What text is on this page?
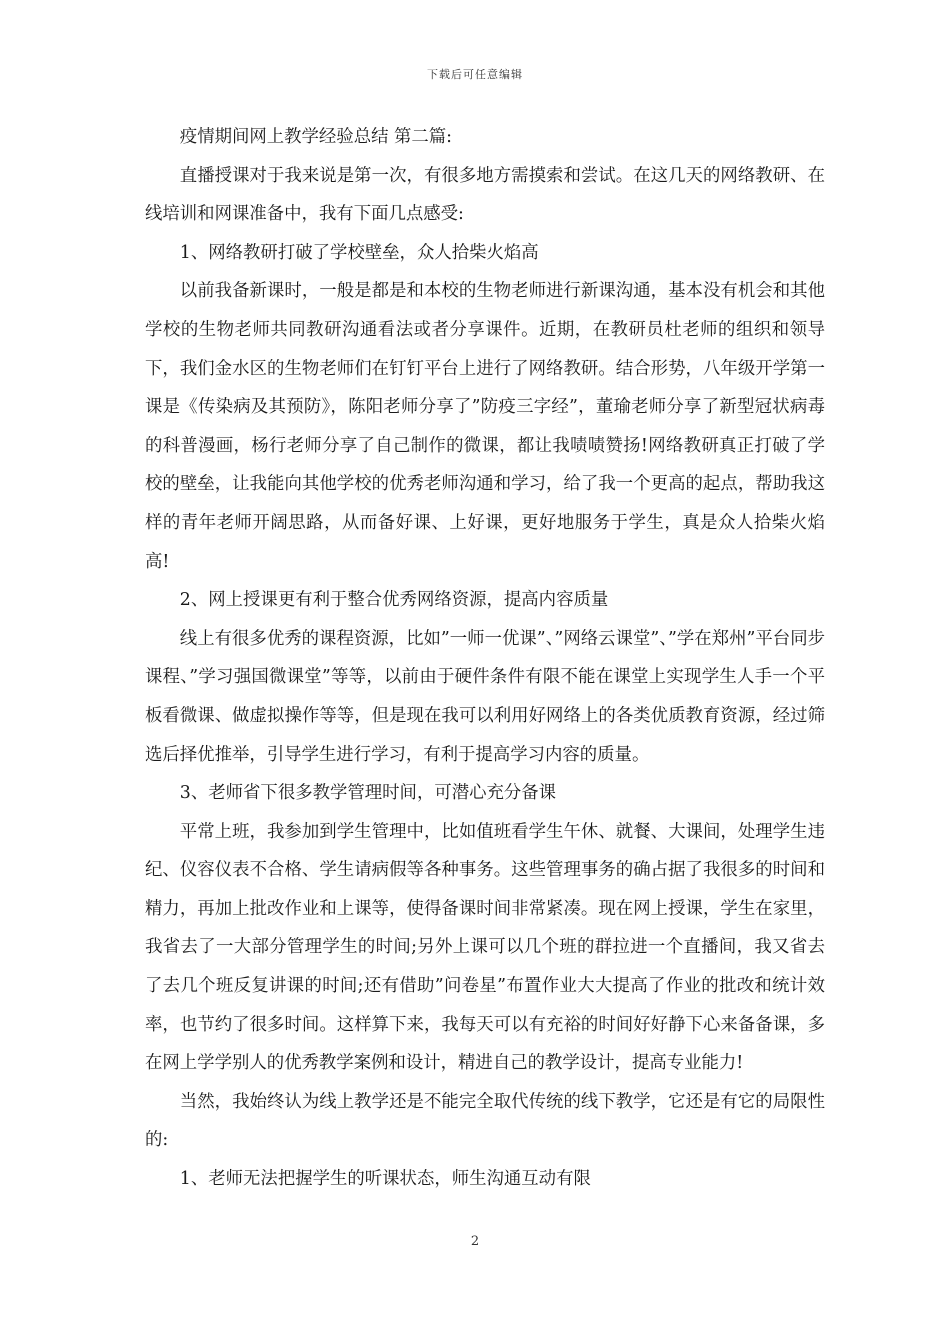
下载后可任意编辑

疫情期间网上教学经验总结 第二篇:

直播授课对于我来说是第一次，有很多地方需摸索和尝试。在这几天的网络教研、在线培训和网课准备中，我有下面几点感受:

1、网络教研打破了学校壁垒，众人拾柴火焰高

以前我备新课时，一般是都是和本校的生物老师进行新课沟通，基本没有机会和其他学校的生物老师共同教研沟通看法或者分享课件。近期，在教研员杜老师的组织和领导下，我们金水区的生物老师们在钉钉平台上进行了网络教研。结合形势，八年级开学第一课是《传染病及其预防》，陈阳老师分享了”防疫三字经”，董瑜老师分享了新型冠状病毒的科普漫画，杨行老师分享了自己制作的微课，都让我啧啧赞扬!网络教研真正打破了学校的壁垒，让我能向其他学校的优秀老师沟通和学习，给了我一个更高的起点，帮助我这样的青年老师开阔思路，从而备好课、上好课，更好地服务于学生，真是众人拾柴火焰高!

2、网上授课更有利于整合优秀网络资源，提高内容质量

线上有很多优秀的课程资源，比如”一师一优课”、”网络云课堂”、”学在郑州”平台同步课程、”学习强国微课堂”等等，以前由于硬件条件有限不能在课堂上实现学生人手一个平板看微课、做虚拟操作等等，但是现在我可以利用好网络上的各类优质教育资源，经过筛选后择优推举，引导学生进行学习，有利于提高学习内容的质量。

3、老师省下很多教学管理时间，可潜心充分备课

平常上班，我参加到学生管理中，比如值班看学生午休、就餐、大课间，处理学生违纪、仪容仪表不合格、学生请病假等各种事务。这些管理事务的确占据了我很多的时间和精力，再加上批改作业和上课等，使得备课时间非常紧凑。现在网上授课，学生在家里，我省去了一大部分管理学生的时间;另外上课可以几个班的群拉进一个直播间，我又省去了去几个班反复讲课的时间;还有借助”问卷星”布置作业大大提高了作业的批改和统计效率，也节约了很多时间。这样算下来，我每天可以有充裕的时间好好静下心来备备课，多在网上学学别人的优秀教学案例和设计，精进自己的教学设计，提高专业能力!

当然，我始终认为线上教学还是不能完全取代传统的线下教学，它还是有它的局限性的:

1、老师无法把握学生的听课状态，师生沟通互动有限

2
